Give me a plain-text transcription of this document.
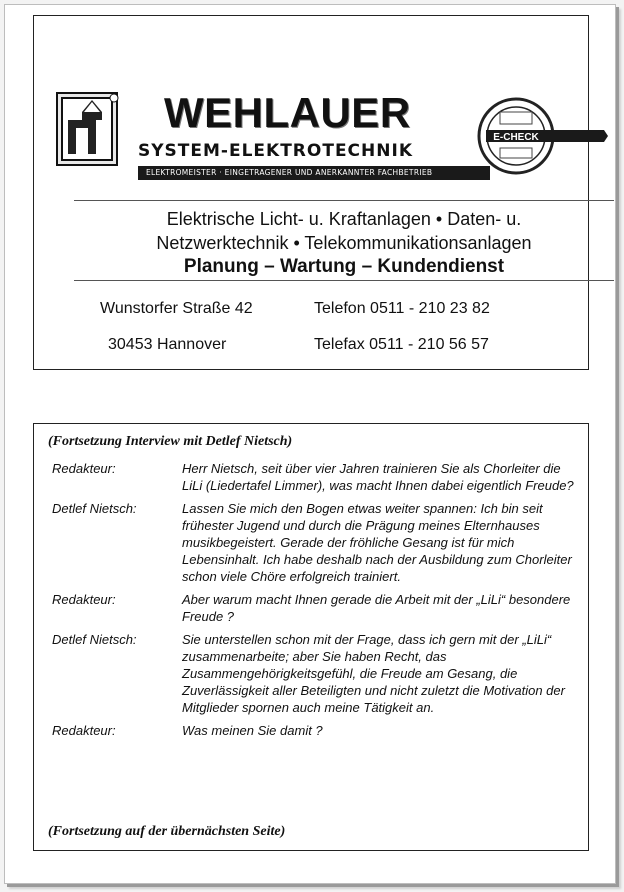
WEHLAUER
SYSTEM-ELEKTROTECHNIK
ELEKTROMEISTER · EINGETRAGENER UND ANERKANNTER FACHBETRIEB
E-CHECK
Elektrische Licht- u. Kraftanlagen • Daten- u.
Netzwerktechnik • Telekommunikationsanlagen
Planung – Wartung – Kundendienst
Wunstorfer Straße 42	Telefon 0511 - 210 23 82
30453 Hannover	Telefax 0511 - 210 56 57
(Fortsetzung Interview mit Detlef Nietsch)
Redakteur:	Herr Nietsch, seit über vier Jahren trainieren Sie als Chorleiter die LiLi (Liedertafel Limmer), was macht Ihnen dabei eigentlich Freude?
Detlef Nietsch:	Lassen Sie mich den Bogen etwas weiter spannen: Ich bin seit frühester Jugend und durch die Prägung meines Elternhauses musikbegeistert. Gerade der fröhliche Gesang ist für mich Lebensinhalt. Ich habe deshalb nach der Ausbildung zum Chorleiter schon viele Chöre erfolgreich trainiert.
Redakteur:	Aber warum macht Ihnen gerade die Arbeit mit der „LiLi“ besondere Freude ?
Detlef Nietsch:	Sie unterstellen schon mit der Frage, dass ich gern mit der „LiLi“ zusammenarbeite; aber Sie haben Recht, das Zusammengehörigkeitsgefühl, die Freude am Gesang, die Zuverlässigkeit aller Beteiligten und nicht zuletzt die Motivation der Mitglieder spornen auch meine Tätigkeit an.
Redakteur:	Was meinen Sie damit ?
(Fortsetzung auf der übernächsten Seite)
